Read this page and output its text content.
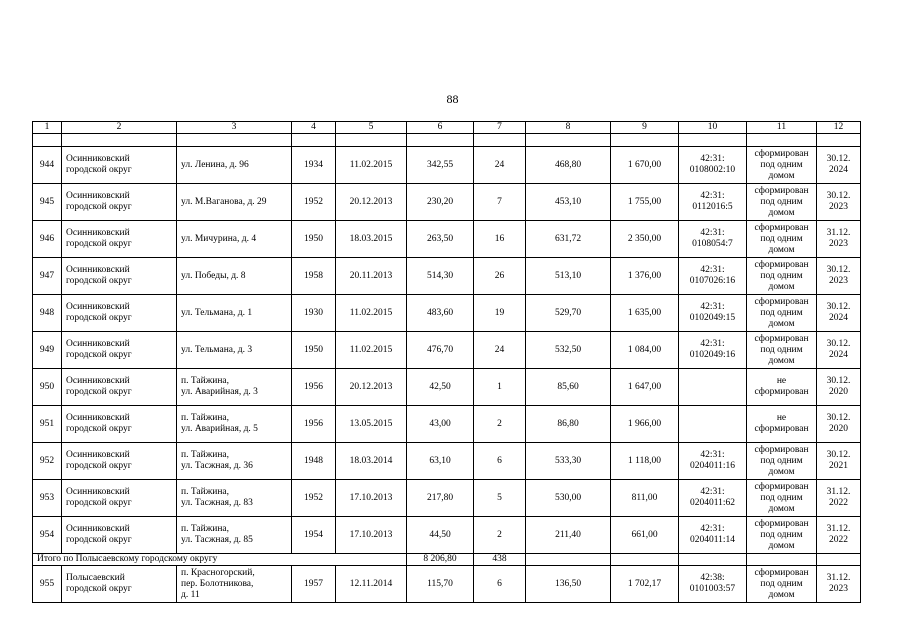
88
1	2	3	4	5	6	7	8	9	10	11	12

944	Осинниковский
городской округ	ул. Ленина, д. 96	1934	11.02.2015	342,55	24	468,80	1 670,00	42:31:
0108002:10	сформирован
под одним
домом	30.12.
2024
945	Осинниковский
городской округ	ул. М.Ваганова, д. 29	1952	20.12.2013	230,20	7	453,10	1 755,00	42:31:
0112016:5	сформирован
под одним
домом	30.12.
2023
946	Осинниковский
городской округ	ул. Мичурина, д. 4	1950	18.03.2015	263,50	16	631,72	2 350,00	42:31:
0108054:7	сформирован
под одним
домом	31.12.
2023
947	Осинниковский
городской округ	ул. Победы, д. 8	1958	20.11.2013	514,30	26	513,10	1 376,00	42:31:
0107026:16	сформирован
под одним
домом	30.12.
2023
948	Осинниковский
городской округ	ул. Тельмана, д. 1	1930	11.02.2015	483,60	19	529,70	1 635,00	42:31:
0102049:15	сформирован
под одним
домом	30.12.
2024
949	Осинниковский
городской округ	ул. Тельмана, д. 3	1950	11.02.2015	476,70	24	532,50	1 084,00	42:31:
0102049:16	сформирован
под одним
домом	30.12.
2024
950	Осинниковский
городской округ	п. Тайжина,
ул. Аварийная, д. 3	1956	20.12.2013	42,50	1	85,60	1 647,00		не
сформирован	30.12.
2020
951	Осинниковский
городской округ	п. Тайжина,
ул. Аварийная, д. 5	1956	13.05.2015	43,00	2	86,80	1 966,00		не
сформирован	30.12.
2020
952	Осинниковский
городской округ	п. Тайжина,
ул. Тасжная, д. 36	1948	18.03.2014	63,10	6	533,30	1 118,00	42:31:
0204011:16	сформирован
под одним
домом	30.12.
2021
953	Осинниковский
городской округ	п. Тайжина,
ул. Тасжная, д. 83	1952	17.10.2013	217,80	5	530,00	811,00	42:31:
0204011:62	сформирован
под одним
домом	31.12.
2022
954	Осинниковский
городской округ	п. Тайжина,
ул. Тасжная, д. 85	1954	17.10.2013	44,50	2	211,40	661,00	42:31:
0204011:14	сформирован
под одним
домом	31.12.
2022
Итого по Полысаевскому городскому округу					8 206,80	438					
955	Полысаевский
городской округ	п. Красногорский,
пер. Болотникова,
д. 11	1957	12.11.2014	115,70	6	136,50	1 702,17	42:38:
0101003:57	сформирован
под одним
домом	31.12.
2023
